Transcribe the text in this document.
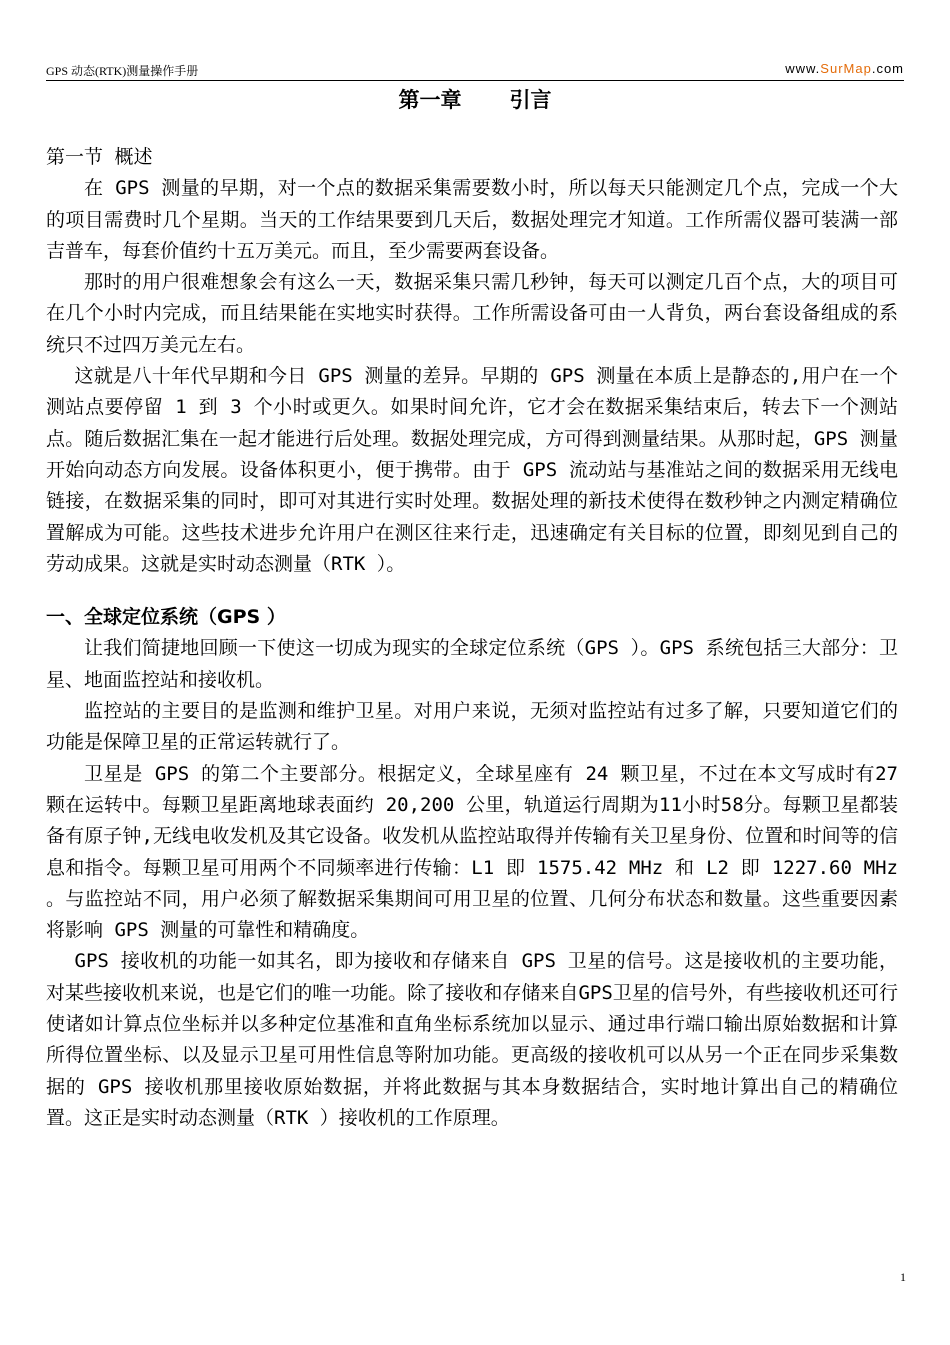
GPS 动态(RTK)测量操作手册	www.SurMap.com
第一章 引言

第一节 概述

在 GPS 测量的早期，对一个点的数据采集需要数小时，所以每天只能测定几个点，完成一个大的项目需费时几个星期。当天的工作结果要到几天后，数据处理完才知道。工作所需仪器可装满一部吉普车，每套价值约十五万美元。而且，至少需要两套设备。

那时的用户很难想象会有这么一天，数据采集只需几秒钟，每天可以测定几百个点，大的项目可在几个小时内完成，而且结果能在实地实时获得。工作所需设备可由一人背负，两台套设备组成的系统只不过四万美元左右。

这就是八十年代早期和今日 GPS 测量的差异。早期的 GPS 测量在本质上是静态的,用户在一个测站点要停留 1 到 3 个小时或更久。如果时间允许，它才会在数据采集结束后，转去下一个测站点。随后数据汇集在一起才能进行后处理。数据处理完成，方可得到测量结果。从那时起，GPS 测量开始向动态方向发展。设备体积更小，便于携带。由于 GPS 流动站与基准站之间的数据采用无线电链接，在数据采集的同时，即可对其进行实时处理。数据处理的新技术使得在数秒钟之内测定精确位置解成为可能。这些技术进步允许用户在测区往来行走，迅速确定有关目标的位置，即刻见到自己的劳动成果。这就是实时动态测量（RTK ）。

一、全球定位系统（GPS ）

让我们简捷地回顾一下使这一切成为现实的全球定位系统（GPS ）。GPS 系统包括三大部分：卫星、地面监控站和接收机。

监控站的主要目的是监测和维护卫星。对用户来说，无须对监控站有过多了解，只要知道它们的功能是保障卫星的正常运转就行了。

卫星是 GPS 的第二个主要部分。根据定义，全球星座有 24 颗卫星，不过在本文写成时有27 颗在运转中。每颗卫星距离地球表面约 20,200 公里，轨道运行周期为11小时58分。每颗卫星都装备有原子钟,无线电收发机及其它设备。收发机从监控站取得并传输有关卫星身份、位置和时间等的信息和指令。每颗卫星可用两个不同频率进行传输：L1 即 1575.42 MHz 和 L2 即 1227.60 MHz 。与监控站不同，用户必须了解数据采集期间可用卫星的位置、几何分布状态和数量。这些重要因素将影响 GPS 测量的可靠性和精确度。

GPS 接收机的功能一如其名，即为接收和存储来自 GPS 卫星的信号。这是接收机的主要功能，对某些接收机来说，也是它们的唯一功能。除了接收和存储来自GPS卫星的信号外，有些接收机还可行使诸如计算点位坐标并以多种定位基准和直角坐标系统加以显示、通过串行端口输出原始数据和计算所得位置坐标、以及显示卫星可用性信息等附加功能。更高级的接收机可以从另一个正在同步采集数据的 GPS 接收机那里接收原始数据，并将此数据与其本身数据结合，实时地计算出自己的精确位置。这正是实时动态测量（RTK ）接收机的工作原理。

1
